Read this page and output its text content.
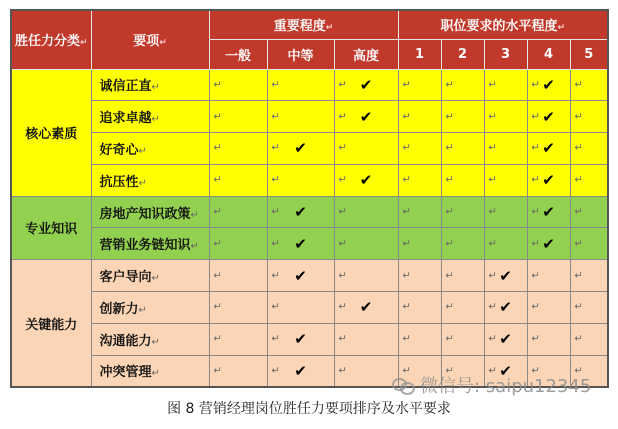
胜任力分类↵	要项↵	重要程度↵			职位要求的水平程度↵				
		一般	中等	高度	1	2	3	4	5
核心素质	诚信正直↵	↵	↵	↵ ✔	↵	↵	↵	↵ ✔	↵

	追求卓越↵	↵	↵	↵ ✔	↵	↵	↵	↵ ✔	↵

	好奇心↵	↵	↵ ✔	↵	↵	↵	↵	↵ ✔	↵

	抗压性↵	↵	↵	↵ ✔	↵	↵	↵	↵ ✔	↵

专业知识	房地产知识政策↵	↵	↵ ✔	↵	↵	↵	↵	↵ ✔	↵

	营销业务链知识↵	↵	↵ ✔	↵	↵	↵	↵	↵ ✔	↵

关键能力	客户导向↵	↵	↵ ✔	↵	↵	↵	↵ ✔	↵	↵

	创新力↵	↵	↵	↵ ✔	↵	↵	↵ ✔	↵	↵

	沟通能力↵	↵	↵ ✔	↵	↵	↵	↵ ✔	↵	↵

	冲突管理↵	↵	↵ ✔	↵	↵	↵	↵ ✔	↵	↵
微信号: saipu12345
图 8 营销经理岗位胜任力要项排序及水平要求
